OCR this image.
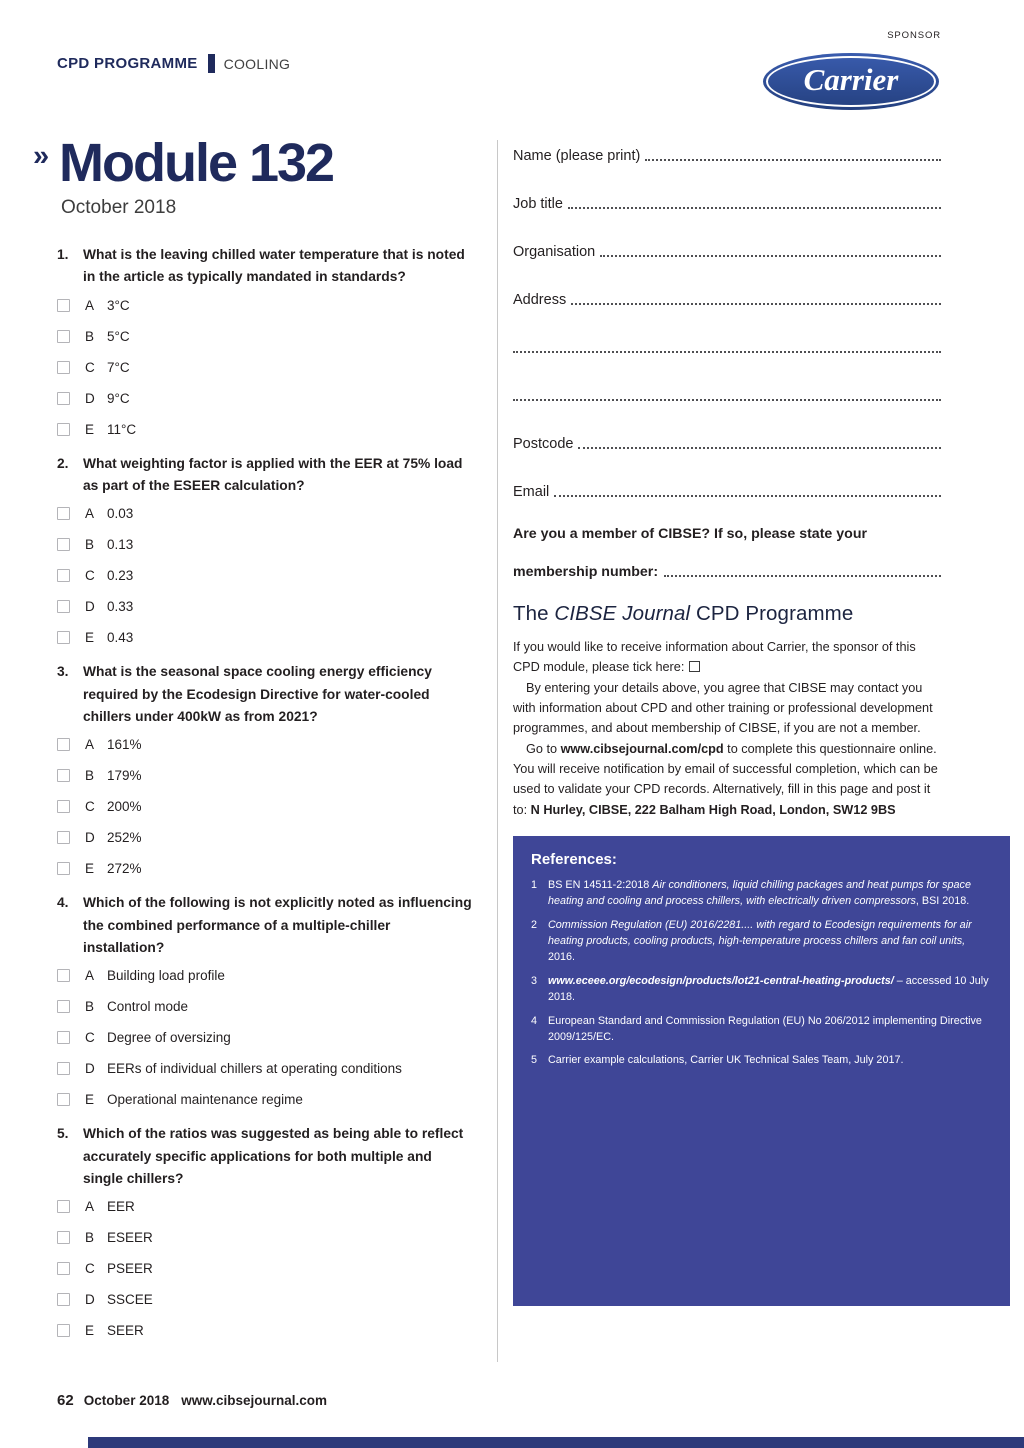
CPD PROGRAMME COOLING
SPONSOR
Carrier
» Module 132
October 2018
1.	What is the leaving chilled water temperature that is noted in the article as typically mandated in standards?
A 3°C
B 5°C
C 7°C
D 9°C
E 11°C
2.	What weighting factor is applied with the EER at 75% load as part of the ESEER calculation?
A 0.03
B 0.13
C 0.23
D 0.33
E 0.43
3.	What is the seasonal space cooling energy efficiency required by the Ecodesign Directive for water-cooled chillers under 400kW as from 2021?
A 161%
B 179%
C 200%
D 252%
E 272%
4.	Which of the following is not explicitly noted as influencing the combined performance of a multiple-chiller installation?
A Building load profile
B Control mode
C Degree of oversizing
D EERs of individual chillers at operating conditions
E Operational maintenance regime
5.	Which of the ratios was suggested as being able to reflect accurately specific applications for both multiple and single chillers?
A EER
B ESEER
C PSEER
D SSCEE
E SEER
Name (please print)
Job title
Organisation
Address
Postcode
Email
Are you a member of CIBSE? If so, please state your
membership number:
The CIBSE Journal CPD Programme

If you would like to receive information about Carrier, the sponsor of this CPD module, please tick here:

By entering your details above, you agree that CIBSE may contact you with information about CPD and other training or professional development programmes, and about membership of CIBSE, if you are not a member.

Go to www.cibsejournal.com/cpd to complete this questionnaire online. You will receive notification by email of successful completion, which can be used to validate your CPD records. Alternatively, fill in this page and post it to: N Hurley, CIBSE, 222 Balham High Road, London, SW12 9BS

References:
1	BS EN 14511-2:2018 Air conditioners, liquid chilling packages and heat pumps for space heating and cooling and process chillers, with electrically driven compressors, BSI 2018.
2	Commission Regulation (EU) 2016/2281.... with regard to Ecodesign requirements for air heating products, cooling products, high-temperature process chillers and fan coil units, 2016.
3	www.eceee.org/ecodesign/products/lot21-central-heating-products/ – accessed 10 July 2018.
4	European Standard and Commission Regulation (EU) No 206/2012 implementing Directive 2009/125/EC.
5	Carrier example calculations, Carrier UK Technical Sales Team, July 2017.
62 October 2018 www.cibsejournal.com
